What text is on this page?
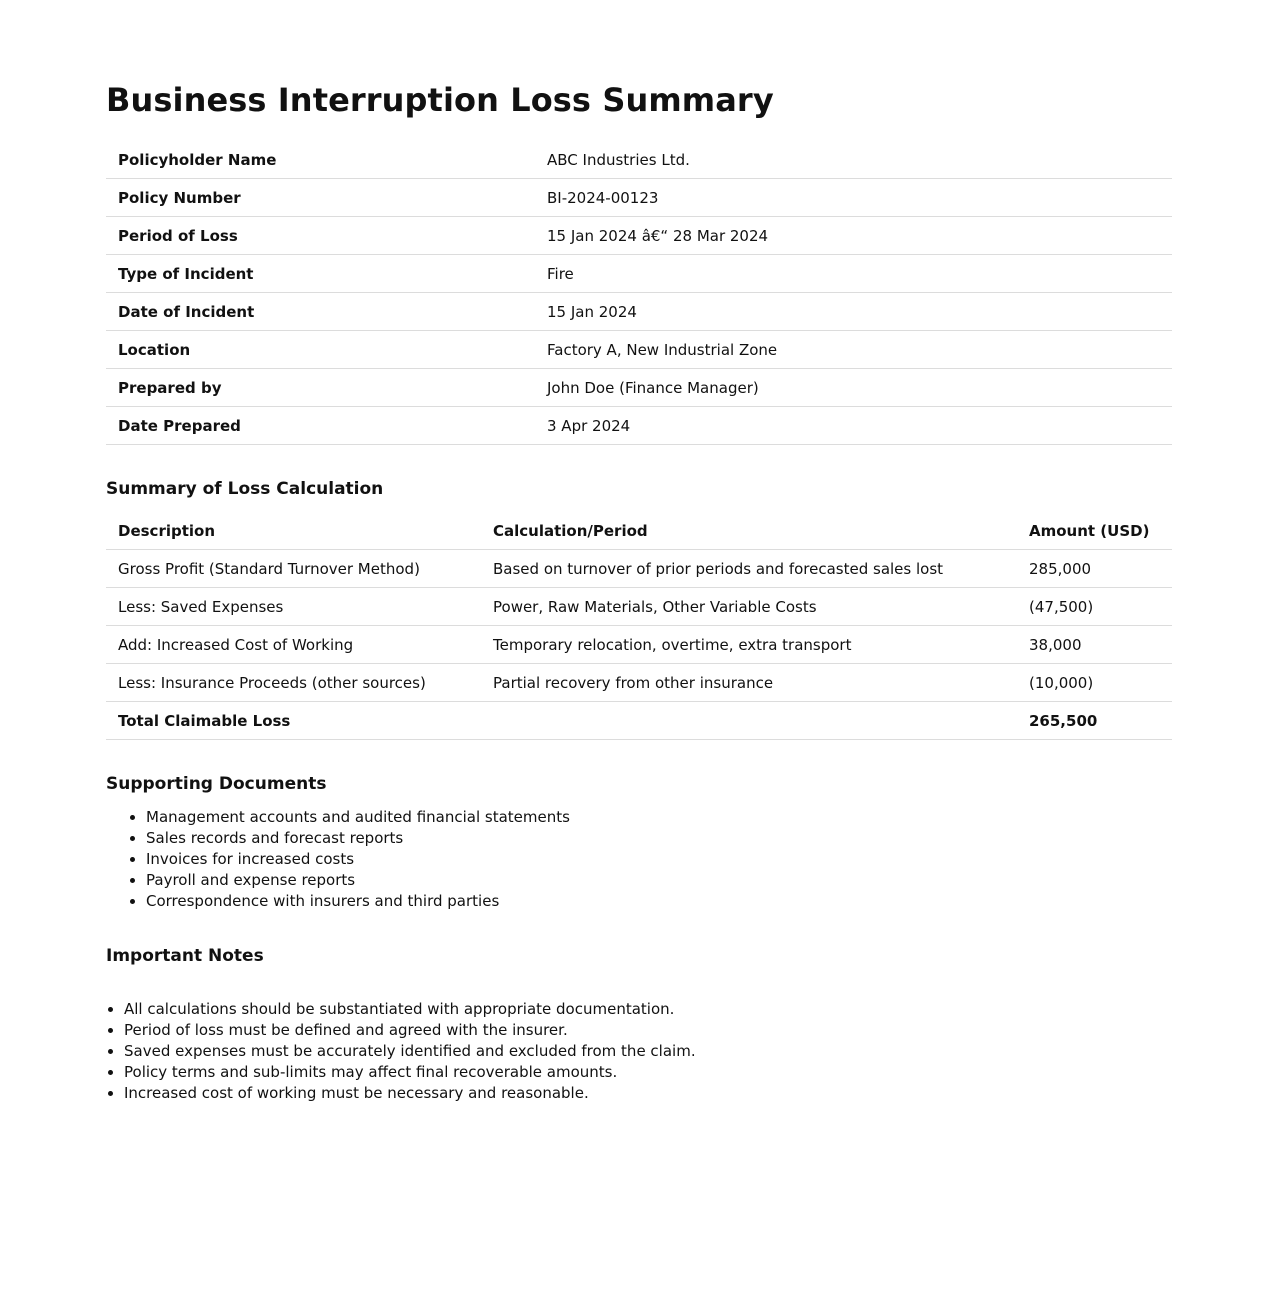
Business Interruption Loss Summary
Policyholder Name	ABC Industries Ltd.
Policy Number	BI-2024-00123
Period of Loss	15 Jan 2024 â€“ 28 Mar 2024
Type of Incident	Fire
Date of Incident	15 Jan 2024
Location	Factory A, New Industrial Zone
Prepared by	John Doe (Finance Manager)
Date Prepared	3 Apr 2024
Summary of Loss Calculation
Description	Calculation/Period	Amount (USD)
Gross Profit (Standard Turnover Method)	Based on turnover of prior periods and forecasted sales lost	285,000
Less: Saved Expenses	Power, Raw Materials, Other Variable Costs	(47,500)
Add: Increased Cost of Working	Temporary relocation, overtime, extra transport	38,000
Less: Insurance Proceeds (other sources)	Partial recovery from other insurance	(10,000)
Total Claimable Loss		265,500
Supporting Documents
• Management accounts and audited financial statements
• Sales records and forecast reports
• Invoices for increased costs
• Payroll and expense reports
• Correspondence with insurers and third parties
Important Notes
• All calculations should be substantiated with appropriate documentation.
• Period of loss must be defined and agreed with the insurer.
• Saved expenses must be accurately identified and excluded from the claim.
• Policy terms and sub-limits may affect final recoverable amounts.
• Increased cost of working must be necessary and reasonable.
